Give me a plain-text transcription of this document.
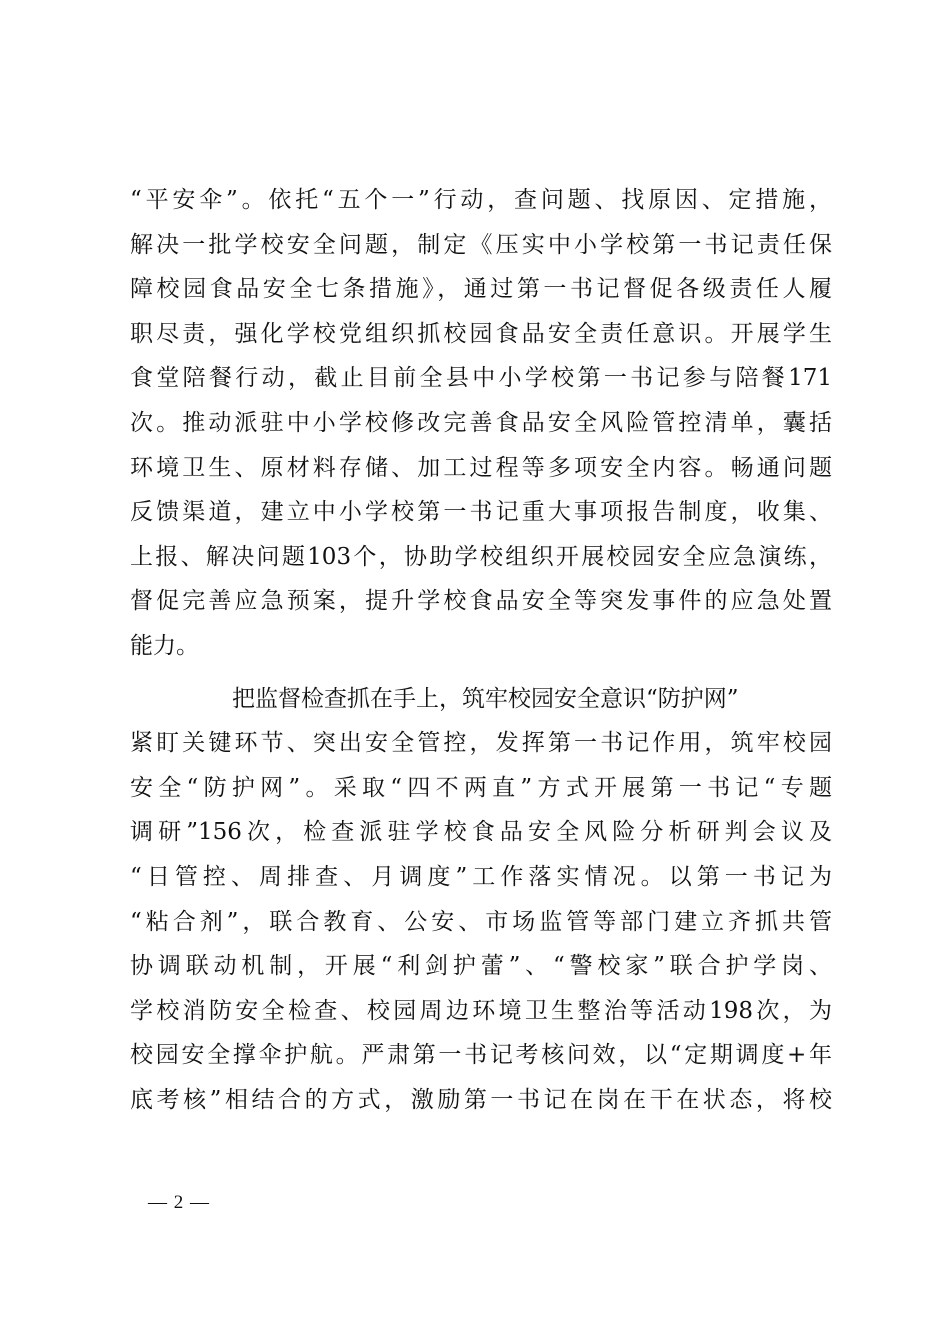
“平安伞”。依托“五个一”行动，查问题、找原因、定措施，
解决一批学校安全问题，制定《压实中小学校第一书记责任保
障校园食品安全七条措施》，通过第一书记督促各级责任人履
职尽责，强化学校党组织抓校园食品安全责任意识。开展学生
食堂陪餐行动，截止目前全县中小学校第一书记参与陪餐171
次。推动派驻中小学校修改完善食品安全风险管控清单，囊括
环境卫生、原材料存储、加工过程等多项安全内容。畅通问题
反馈渠道，建立中小学校第一书记重大事项报告制度，收集、
上报、解决问题103个，协助学校组织开展校园安全应急演练，
督促完善应急预案，提升学校食品安全等突发事件的应急处置
能力。
把监督检查抓在手上，筑牢校园安全意识“防护网”
紧盯关键环节、突出安全管控，发挥第一书记作用，筑牢校园
安全“防护网”。采取“四不两直”方式开展第一书记“专题
调研”156次，检查派驻学校食品安全风险分析研判会议及
“日管控、周排查、月调度”工作落实情况。以第一书记为
“粘合剂”，联合教育、公安、市场监管等部门建立齐抓共管
协调联动机制，开展“利剑护蕾”、“警校家”联合护学岗、
学校消防安全检查、校园周边环境卫生整治等活动198次，为
校园安全撑伞护航。严肃第一书记考核问效，以“定期调度+年
底考核”相结合的方式，激励第一书记在岗在干在状态，将校
— 2 —
